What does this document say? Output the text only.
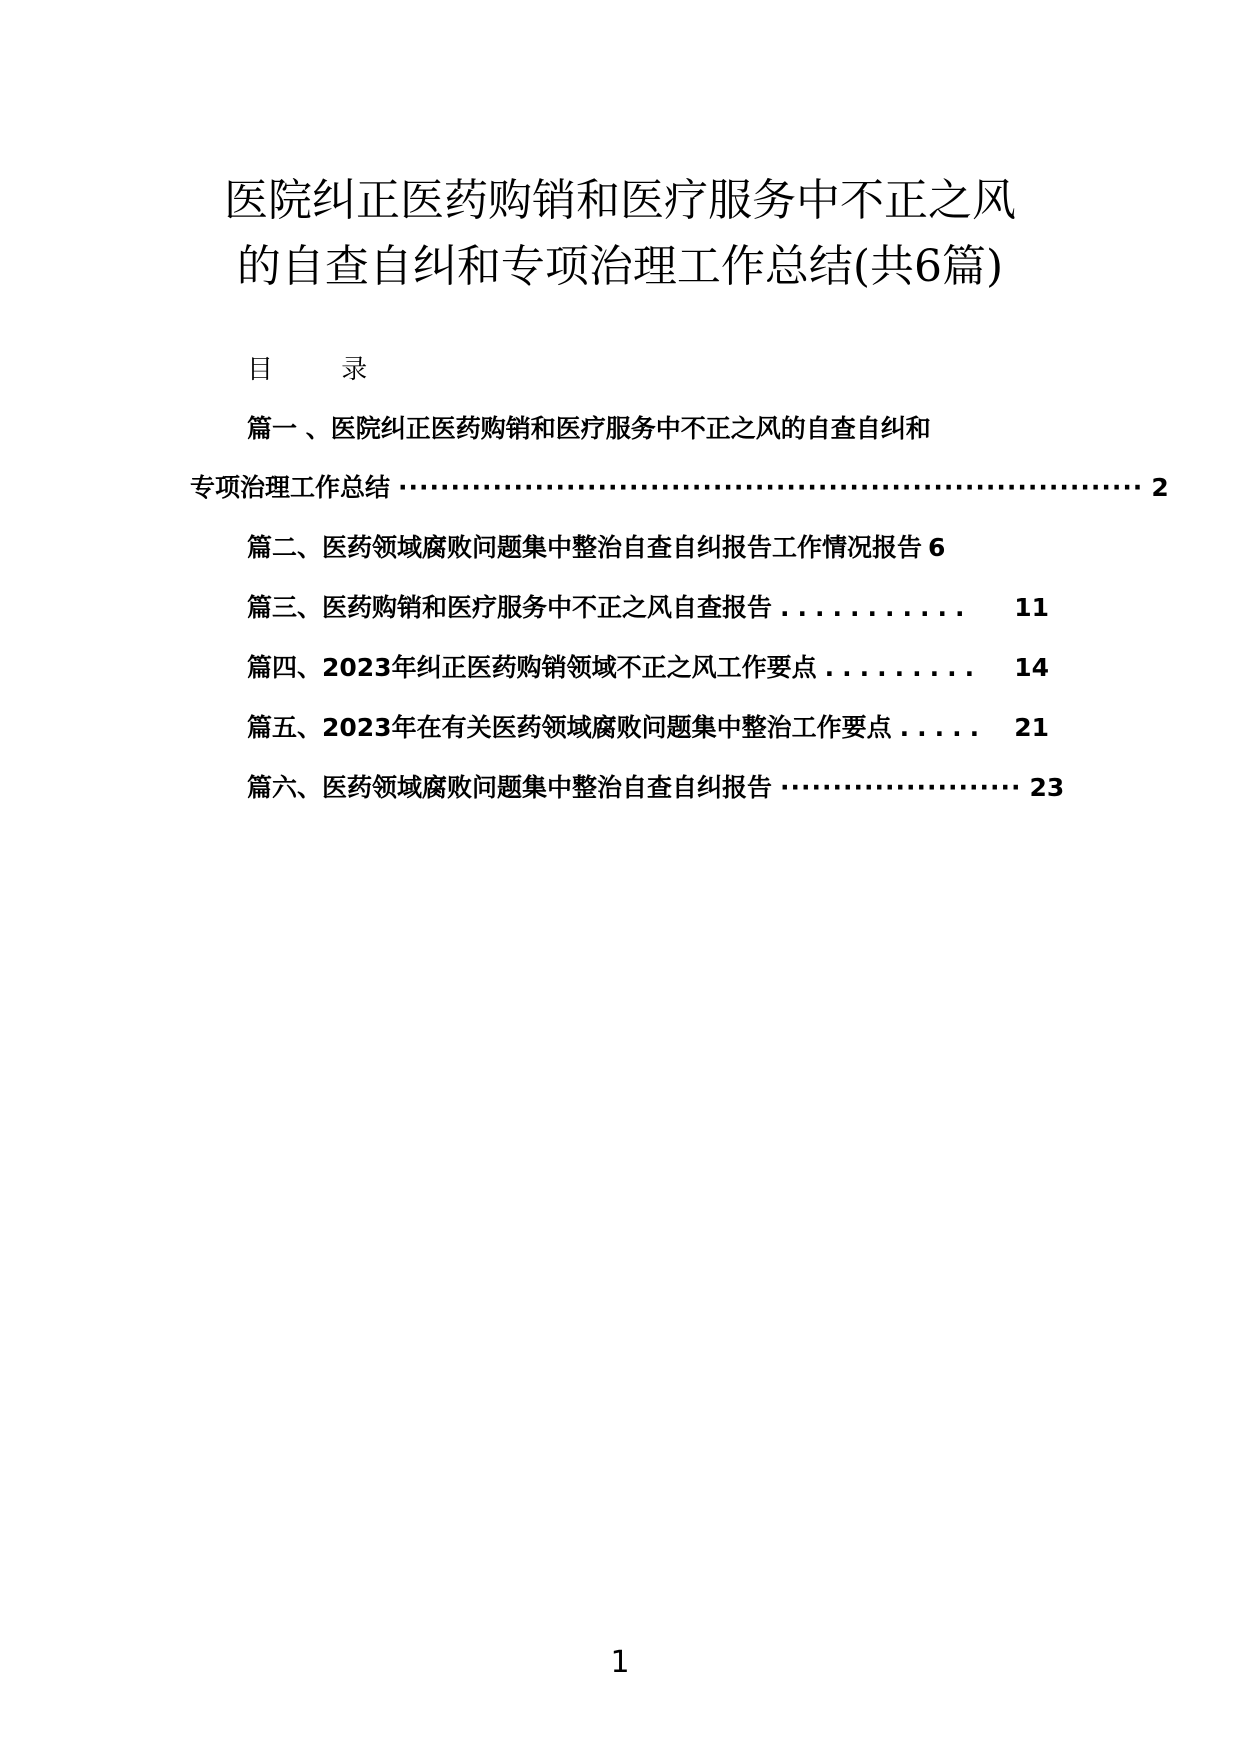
医院纠正医药购销和医疗服务中不正之风
的自查自纠和专项治理工作总结(共6篇)
目 录
篇一 、医院纠正医药购销和医疗服务中不正之风的自查自纠和
专项治理工作总结 ······································································· 2
篇二、医药领域腐败问题集中整治自查自纠报告工作情况报告 6
篇三、医药购销和医疗服务中不正之风自查报告 ...........	11
篇四、2023年纠正医药购销领域不正之风工作要点 .........	14
篇五、2023年在有关医药领域腐败问题集中整治工作要点 .....	21
篇六、医药领域腐败问题集中整治自查自纠报告 ······················· 23
1
